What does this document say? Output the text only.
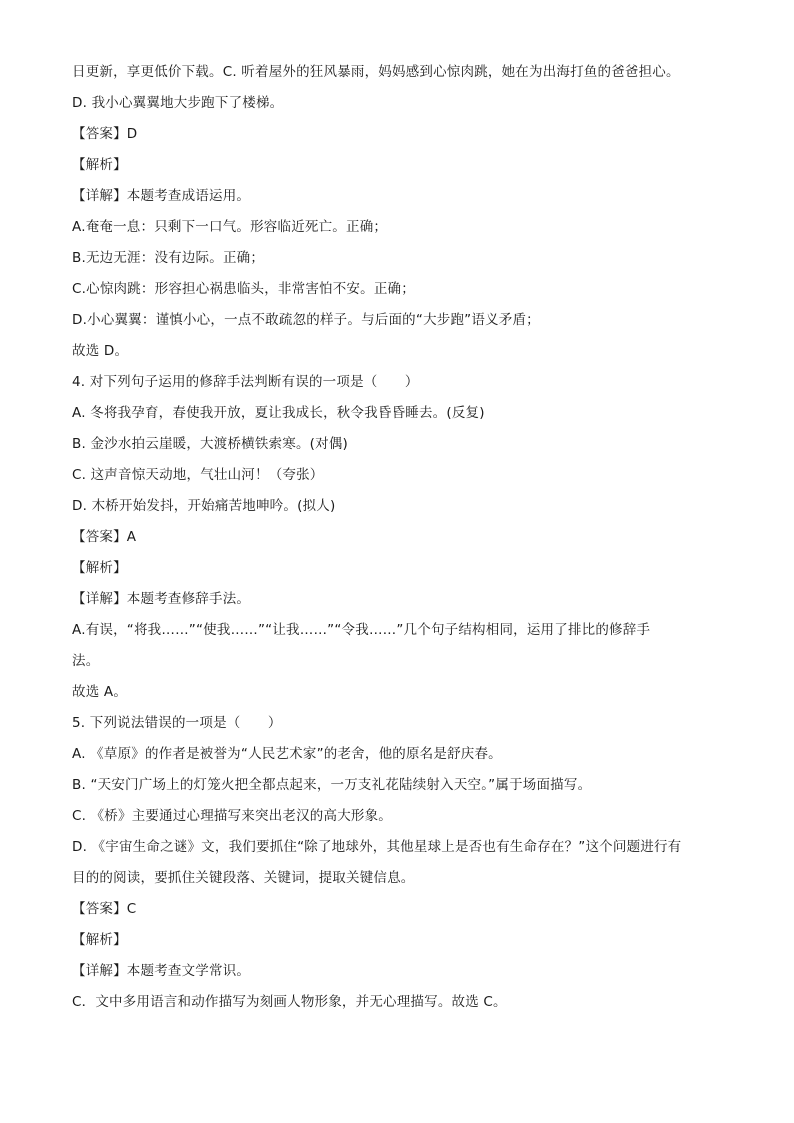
日更新，享更低价下载。C. 听着屋外的狂风暴雨，妈妈感到心惊肉跳，她在为出海打鱼的爸爸担心。
D. 我小心翼翼地大步跑下了楼梯。
【答案】D
【解析】
【详解】本题考查成语运用。
A.奄奄一息：只剩下一口气。形容临近死亡。正确；
B.无边无涯：没有边际。正确；
C.心惊肉跳：形容担心祸患临头，非常害怕不安。正确；
D.小心翼翼：谨慎小心，一点不敢疏忽的样子。与后面的“大步跑”语义矛盾；
故选 D。
4. 对下列句子运用的修辞手法判断有误的一项是（　　）
A. 冬将我孕育，春使我开放，夏让我成长，秋令我昏昏睡去。(反复)
B. 金沙水拍云崖暖，大渡桥横铁索寒。(对偶)
C. 这声音惊天动地，气壮山河！（夸张）
D. 木桥开始发抖，开始痛苦地呻吟。(拟人)
【答案】A
【解析】
【详解】本题考查修辞手法。
A.有误，“将我……”“使我……”“让我……”“令我……”几个句子结构相同，运用了排比的修辞手
法。
故选 A。
5. 下列说法错误的一项是（　　）
A. 《草原》的作者是被誉为“人民艺术家”的老舍，他的原名是舒庆春。
B. “天安门广场上的灯笼火把全都点起来，一万支礼花陆续射入天空。”属于场面描写。
C. 《桥》主要通过心理描写来突出老汉的高大形象。
D. 《宇宙生命之谜》文，我们要抓住“除了地球外，其他星球上是否也有生命存在？”这个问题进行有
目的的阅读，要抓住关键段落、关键词，提取关键信息。
【答案】C
【解析】
【详解】本题考查文学常识。
C．文中多用语言和动作描写为刻画人物形象，并无心理描写。故选 C。
